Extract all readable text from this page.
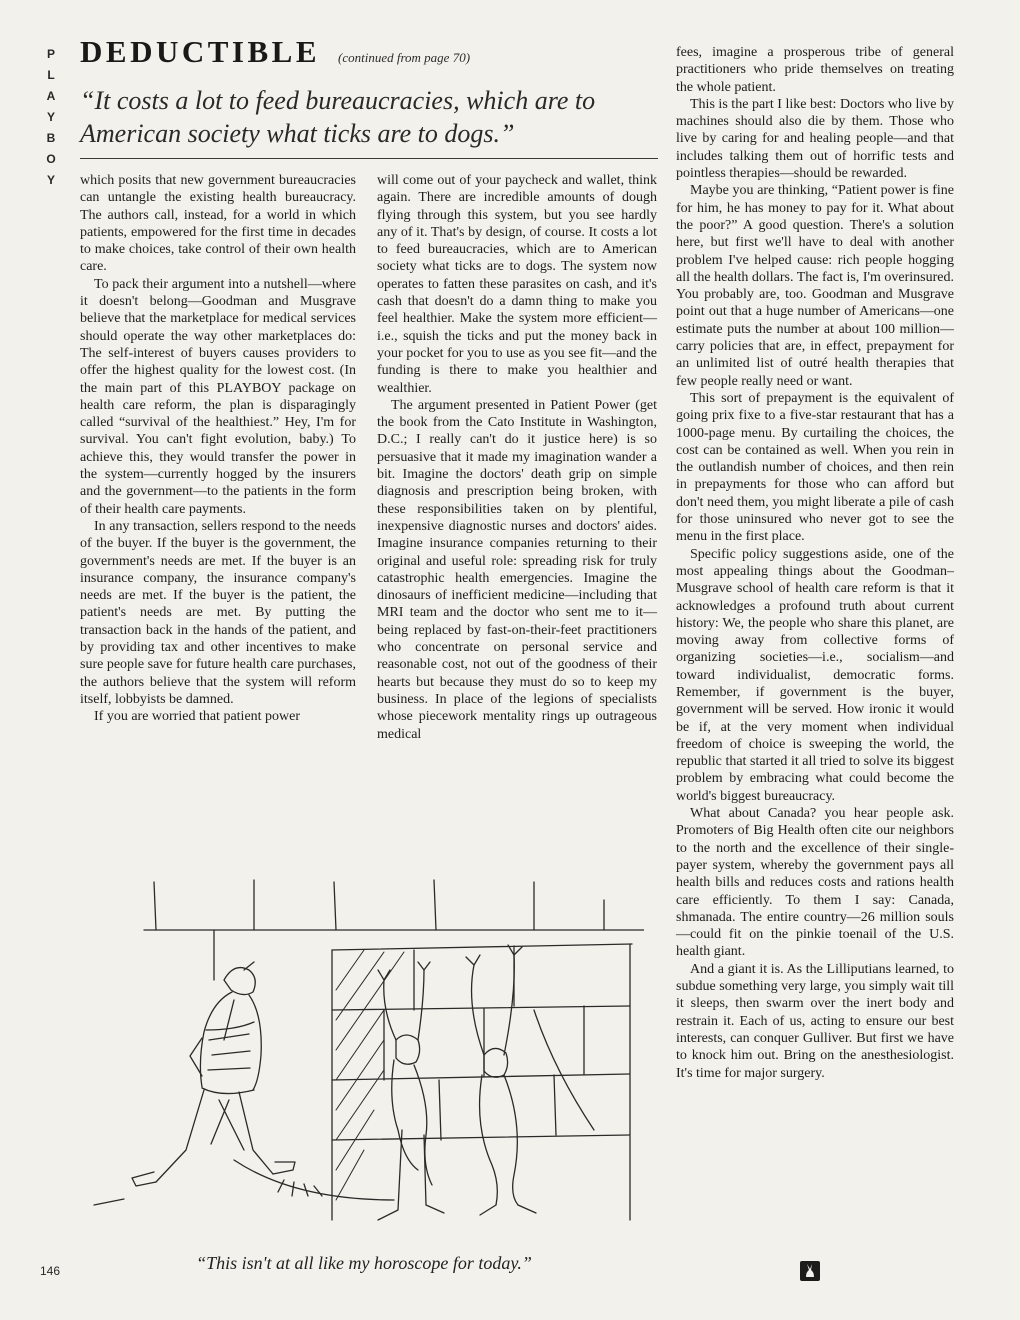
P
L
A
Y
B
O
Y
DEDUCTIBLE (continued from page 70)

“It costs a lot to feed bureaucracies, which are to American society what ticks are to dogs.”

which posits that new government bureaucracies can untangle the existing health bureaucracy. The authors call, instead, for a world in which patients, empowered for the first time in decades to make choices, take control of their own health care.

To pack their argument into a nutshell—where it doesn't belong—Goodman and Musgrave believe that the marketplace for medical services should operate the way other marketplaces do: The self-interest of buyers causes providers to offer the highest quality for the lowest cost. (In the main part of this PLAYBOY package on health care reform, the plan is disparagingly called “survival of the healthiest.” Hey, I'm for survival. You can't fight evolution, baby.) To achieve this, they would transfer the power in the system—currently hogged by the insurers and the government—to the patients in the form of their health care payments.

In any transaction, sellers respond to the needs of the buyer. If the buyer is the government, the government's needs are met. If the buyer is an insurance company, the insurance company's needs are met. If the buyer is the patient, the patient's needs are met. By putting the transaction back in the hands of the patient, and by providing tax and other incentives to make sure people save for future health care purchases, the authors believe that the system will reform itself, lobbyists be damned.

If you are worried that patient power

will come out of your paycheck and wallet, think again. There are incredible amounts of dough flying through this system, but you see hardly any of it. That's by design, of course. It costs a lot to feed bureaucracies, which are to American society what ticks are to dogs. The system now operates to fatten these parasites on cash, and it's cash that doesn't do a damn thing to make you feel healthier. Make the system more efficient—i.e., squish the ticks and put the money back in your pocket for you to use as you see fit—and the funding is there to make you healthier and wealthier.

The argument presented in Patient Power (get the book from the Cato Institute in Washington, D.C.; I really can't do it justice here) is so persuasive that it made my imagination wander a bit. Imagine the doctors' death grip on simple diagnosis and prescription being broken, with these responsibilities taken on by plentiful, inexpensive diagnostic nurses and doctors' aides. Imagine insurance companies returning to their original and useful role: spreading risk for truly catastrophic health emergencies. Imagine the dinosaurs of inefficient medicine—including that MRI team and the doctor who sent me to it—being replaced by fast-on-their-feet practitioners who concentrate on personal service and reasonable cost, not out of the goodness of their hearts but because they must do so to keep my business. In place of the legions of specialists whose piecework mentality rings up outrageous medical

fees, imagine a prosperous tribe of general practitioners who pride themselves on treating the whole patient.

This is the part I like best: Doctors who live by machines should also die by them. Those who live by caring for and healing people—and that includes talking them out of horrific tests and pointless therapies—should be rewarded.

Maybe you are thinking, “Patient power is fine for him, he has money to pay for it. What about the poor?” A good question. There's a solution here, but first we'll have to deal with another problem I've helped cause: rich people hogging all the health dollars. The fact is, I'm overinsured. You probably are, too. Goodman and Musgrave point out that a huge number of Americans—one estimate puts the number at about 100 million—carry policies that are, in effect, prepayment for an unlimited list of outré health therapies that few people really need or want.

This sort of prepayment is the equivalent of going prix fixe to a five-star restaurant that has a 1000-page menu. By curtailing the choices, the cost can be contained as well. When you rein in the outlandish number of choices, and then rein in prepayments for those who can afford but don't need them, you might liberate a pile of cash for those uninsured who never got to see the menu in the first place.

Specific policy suggestions aside, one of the most appealing things about the Goodman–Musgrave school of health care reform is that it acknowledges a profound truth about current history: We, the people who share this planet, are moving away from collective forms of organizing societies—i.e., socialism—and toward individualist, democratic forms. Remember, if government is the buyer, government will be served. How ironic it would be if, at the very moment when individual freedom of choice is sweeping the world, the republic that started it all tried to solve its biggest problem by embracing what could become the world's biggest bureaucracy.

What about Canada? you hear people ask. Promoters of Big Health often cite our neighbors to the north and the excellence of their single-payer system, whereby the government pays all health bills and reduces costs and rations health care efficiently. To them I say: Canada, shmanada. The entire country—26 million souls—could fit on the pinkie toenail of the U.S. health giant.

And a giant it is. As the Lilliputians learned, to subdue something very large, you simply wait till it sleeps, then swarm over the inert body and restrain it. Each of us, acting to ensure our best interests, can conquer Gulliver. But first we have to knock him out. Bring on the anesthesiologist. It's time for major surgery.

“This isn't at all like my horoscope for today.”
146
